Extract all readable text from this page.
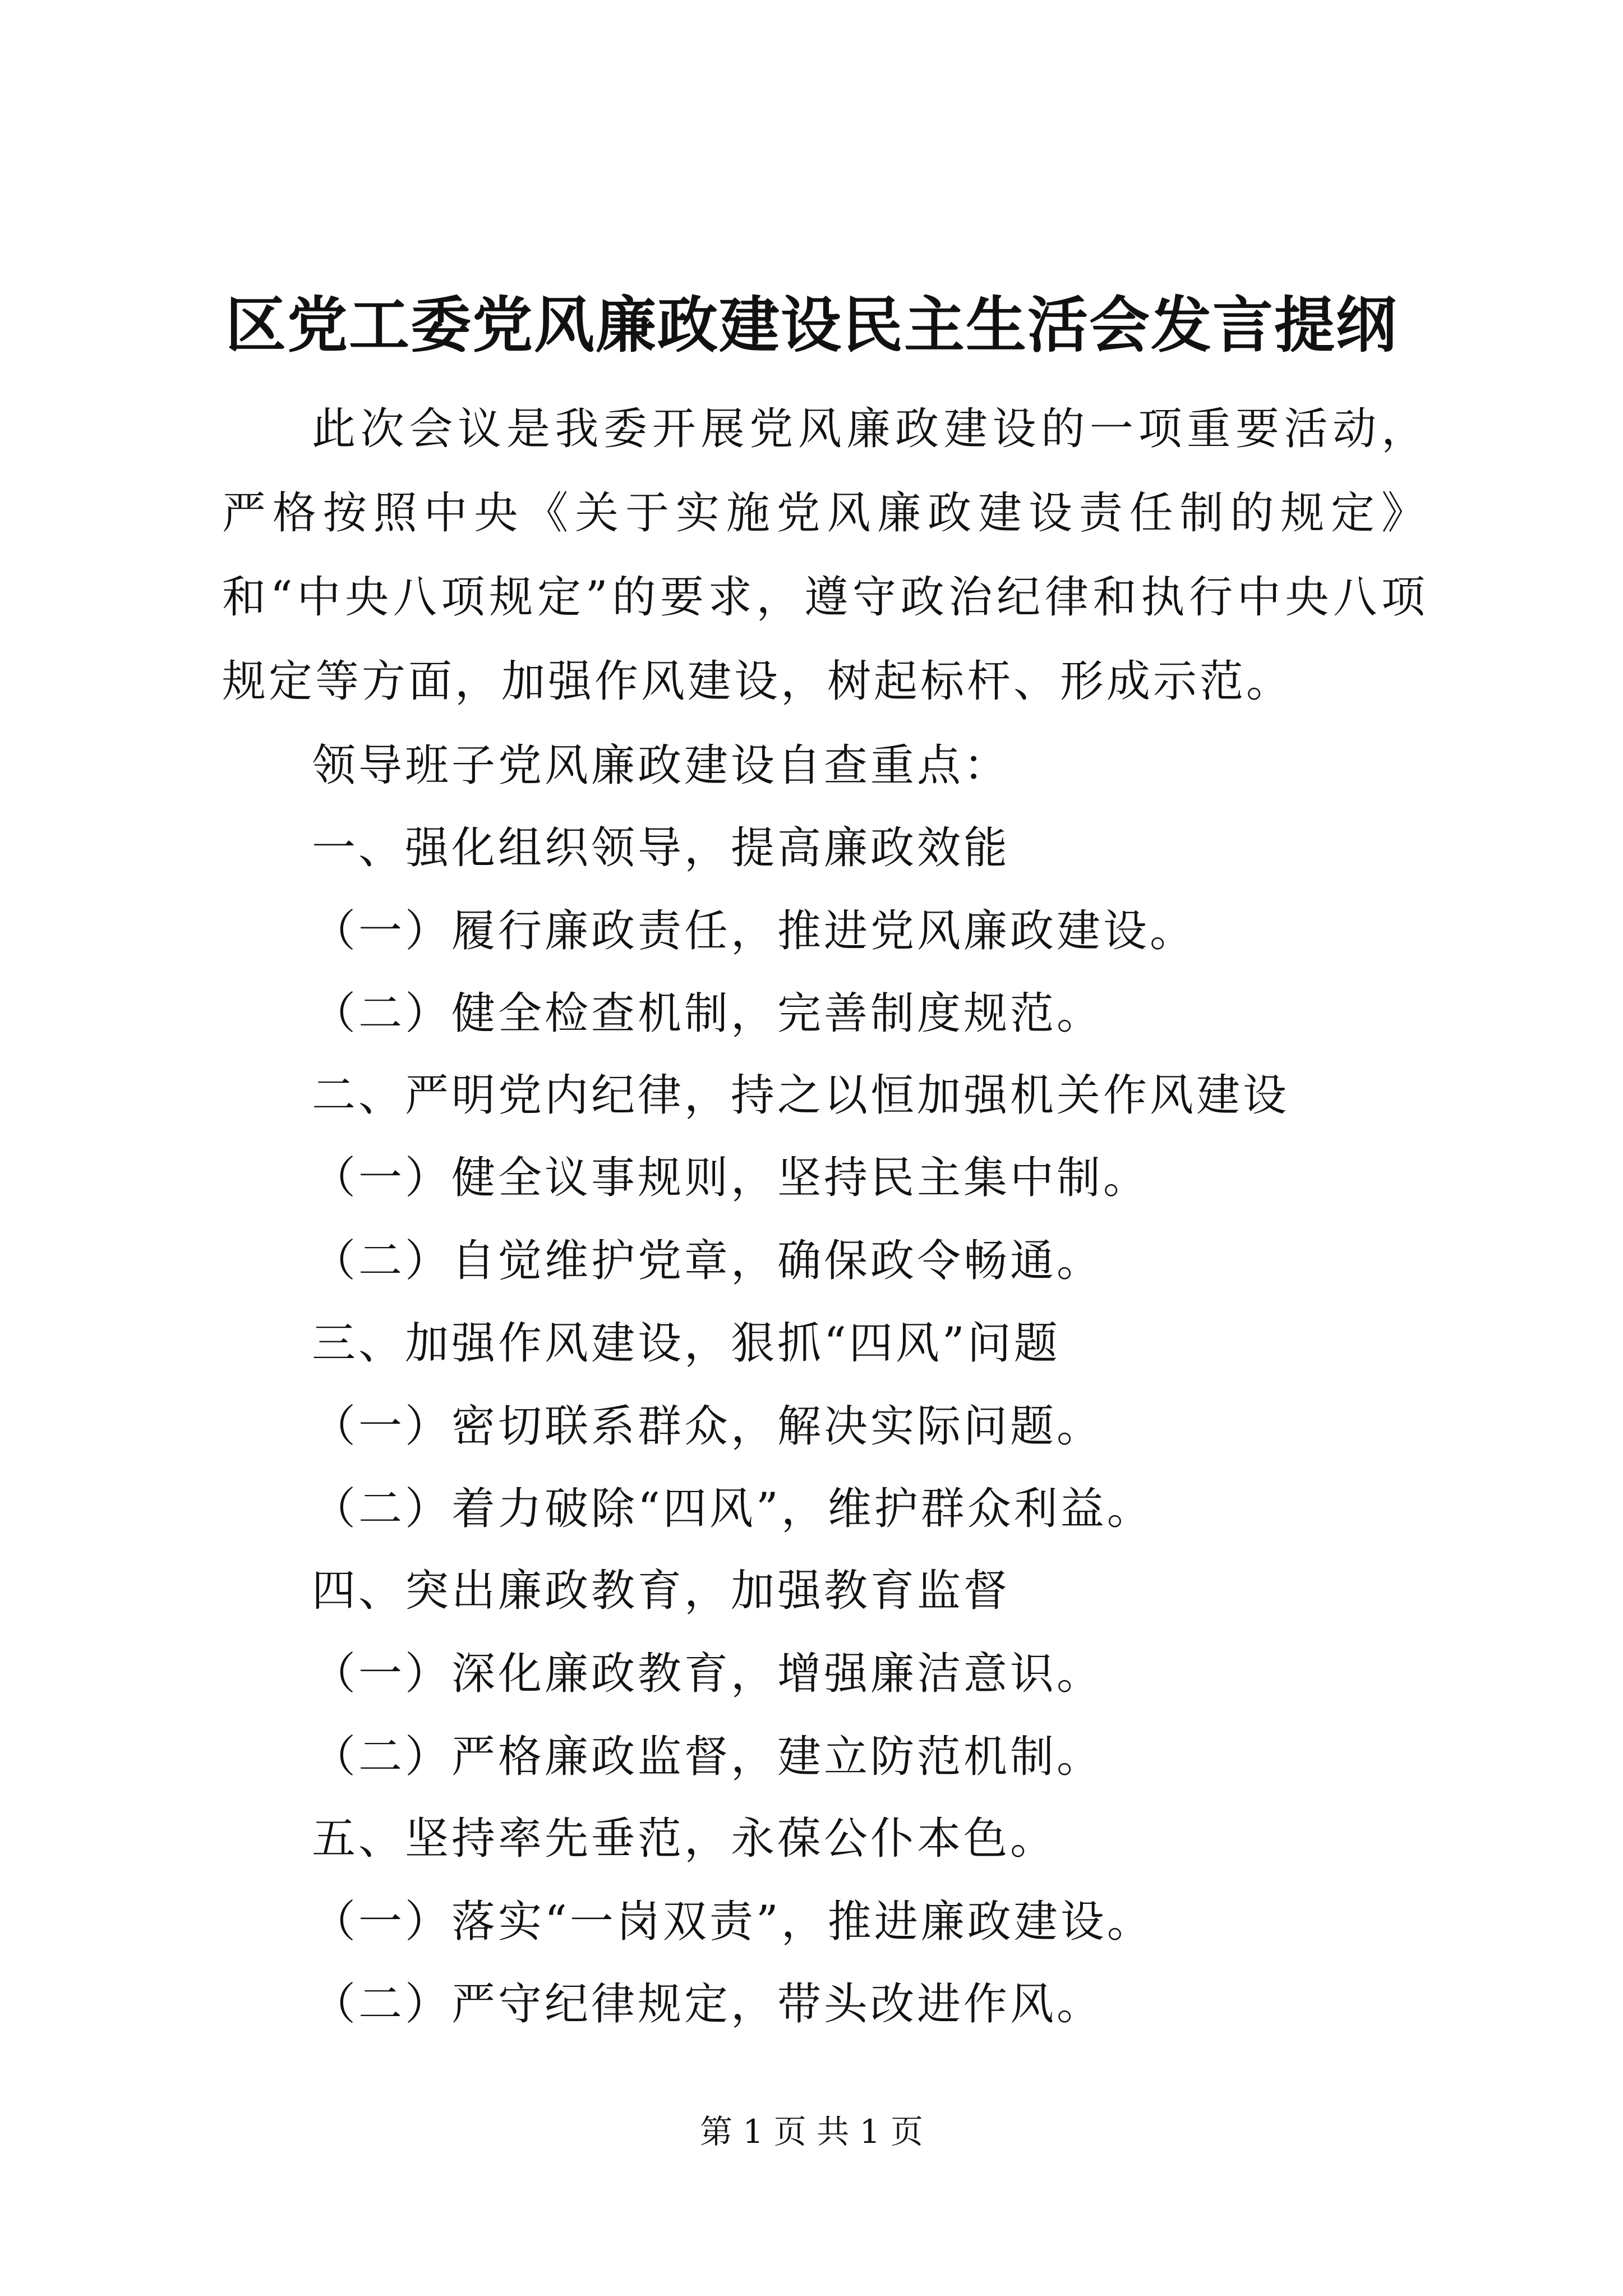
区党工委党风廉政建设民主生活会发言提纲
此次会议是我委开展党风廉政建设的一项重要活动，严格按照中央《关于实施党风廉政建设责任制的规定》和“中央八项规定”的要求，遵守政治纪律和执行中央八项规定等方面，加强作风建设，树起标杆、形成示范。
领导班子党风廉政建设自查重点：
一、强化组织领导，提高廉政效能
（一）履行廉政责任，推进党风廉政建设。
（二）健全检查机制，完善制度规范。
二、严明党内纪律，持之以恒加强机关作风建设
（一）健全议事规则，坚持民主集中制。
（二）自觉维护党章，确保政令畅通。
三、加强作风建设，狠抓“四风”问题
（一）密切联系群众，解决实际问题。
（二）着力破除“四风”，维护群众利益。
四、突出廉政教育，加强教育监督
（一）深化廉政教育，增强廉洁意识。
（二）严格廉政监督，建立防范机制。
五、坚持率先垂范，永葆公仆本色。
（一）落实“一岗双责”，推进廉政建设。
（二）严守纪律规定，带头改进作风。
第 1 页 共 1 页
